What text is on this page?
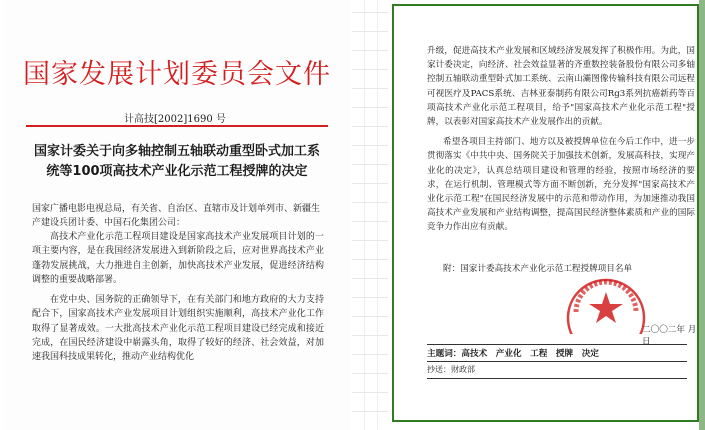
国家发展计划委员会文件
计高技[2002]1690 号
国家计委关于向多轴控制五轴联动重型卧式加工系统等100项高技术产业化示范工程授牌的决定
国家广播电影电视总局，有关省、自治区、直辖市及计划单列市、新疆生产建设兵团计委、中国石化集团公司：

高技术产业化示范工程项目建设是国家高技术产业发展项目计划的一项主要内容，是在我国经济发展进入到新阶段之后，应对世界高技术产业蓬勃发展挑战，大力推进自主创新，加快高技术产业发展，促进经济结构调整的重要战略部署。

在党中央、国务院的正确领导下，在有关部门和地方政府的大力支持配合下，国家高技术产业发展项目计划组织实施顺利，高技术产业化工作取得了显著成效。一大批高技术产业化示范工程项目建设已经完成和接近完成，在国民经济建设中崭露头角，取得了较好的经济、社会效益，对加速我国科技成果转化，推动产业结构优化

升级，促进高技术产业发展和区域经济发展发挥了积极作用。为此，国家计委决定，向经济、社会效益显著的齐重数控装备股份有限公司多轴控制五轴联动重型卧式加工系统、云南山灞图像传输科技有限公司远程可视医疗及PACS系统、吉林亚泰制药有限公司Rg3系列抗癌新药等百项高技术产业化示范工程项目，给予"国家高技术产业化示范工程"授牌，以表彰对国家高技术产业发展作出的贡献。

希望各项目主持部门、地方以及被授牌单位在今后工作中，进一步贯彻落实《中共中央、国务院关于加强技术创新，发展高科技，实现产业化的决定》，认真总结项目建设和管理的经验，按照市场经济的要求，在运行机制、管理模式等方面不断创新，充分发挥"国家高技术产业化示范工程"在国民经济发展中的示范和带动作用，为加速推动我国高技术产业发展和产业结构调整，提高国民经济整体素质和产业的国际竞争力作出应有贡献。

附：国家计委高技术产业化示范工程授牌项目名单
二〇〇二年 月 日
主题词：高技术　产业化　工程　授牌　决定
抄送：财政部
